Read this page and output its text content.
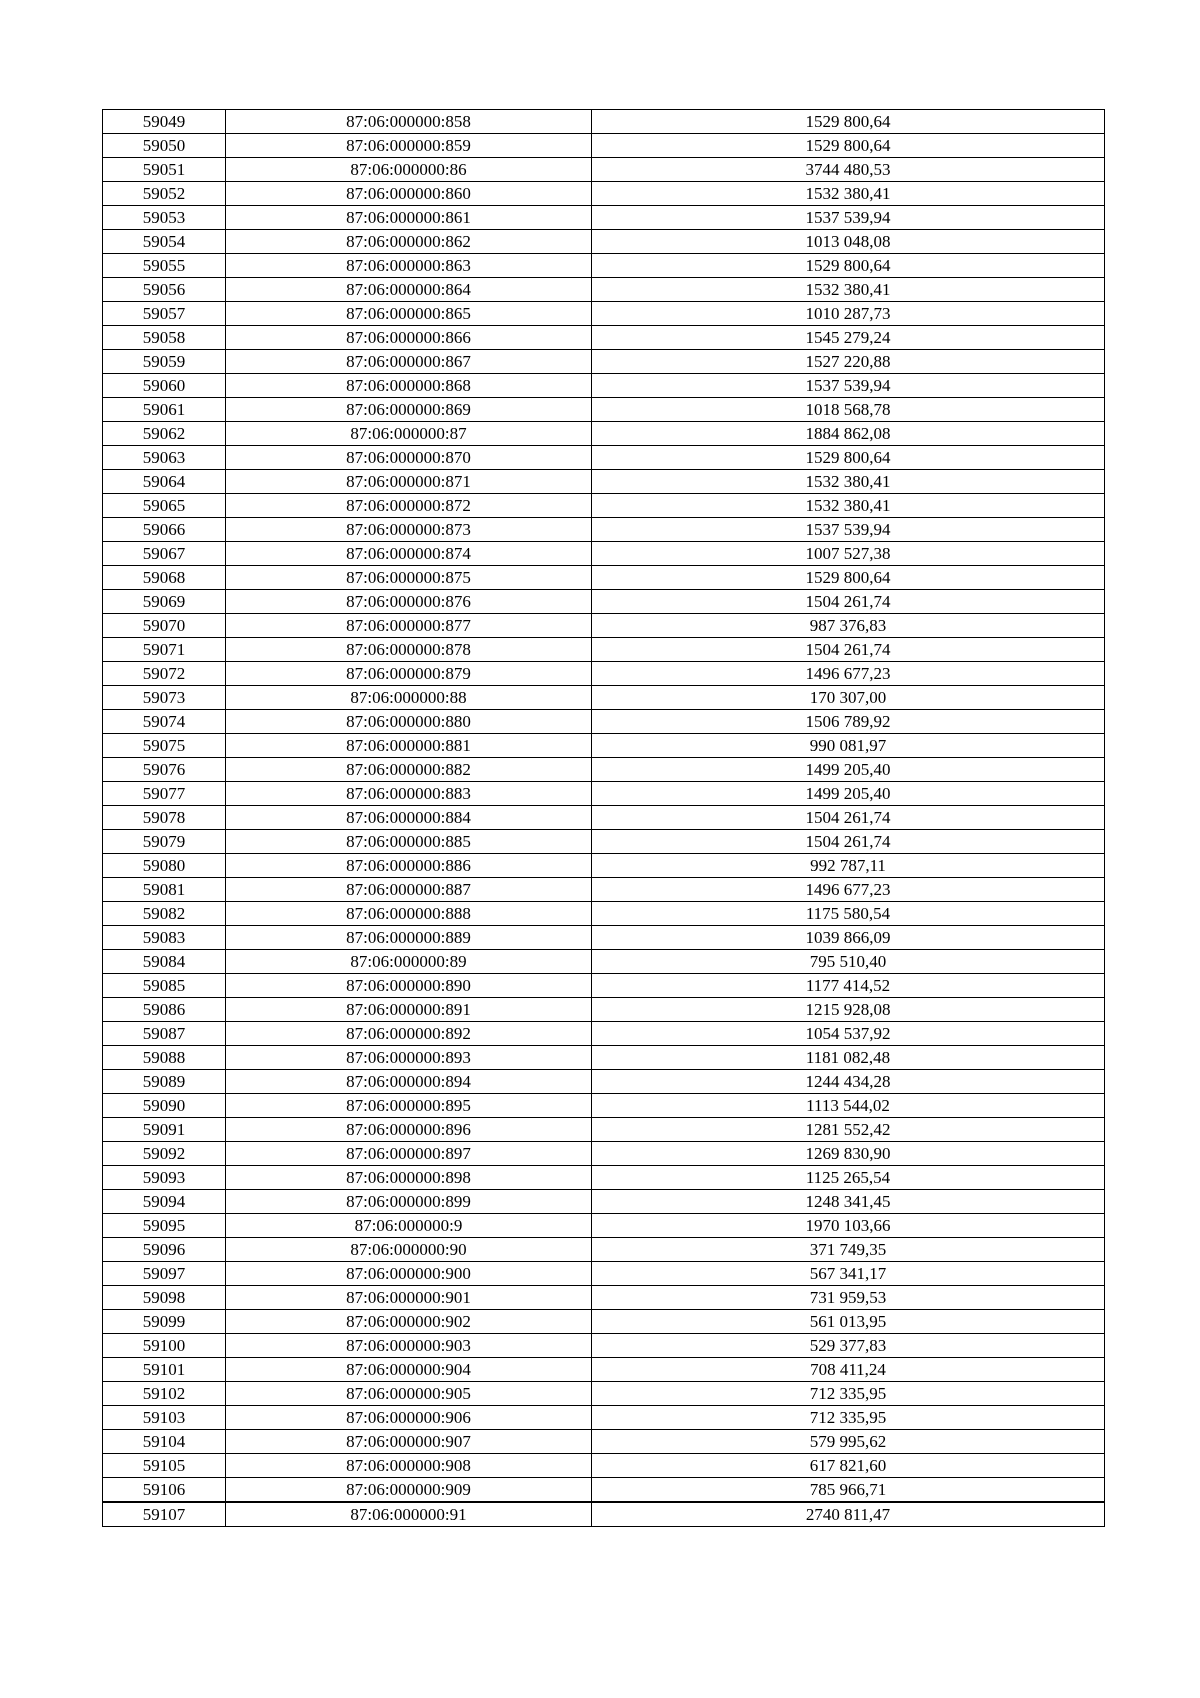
59049	87:06:000000:858	1529 800,64
59050	87:06:000000:859	1529 800,64
59051	87:06:000000:86	3744 480,53
59052	87:06:000000:860	1532 380,41
59053	87:06:000000:861	1537 539,94
59054	87:06:000000:862	1013 048,08
59055	87:06:000000:863	1529 800,64
59056	87:06:000000:864	1532 380,41
59057	87:06:000000:865	1010 287,73
59058	87:06:000000:866	1545 279,24
59059	87:06:000000:867	1527 220,88
59060	87:06:000000:868	1537 539,94
59061	87:06:000000:869	1018 568,78
59062	87:06:000000:87	1884 862,08
59063	87:06:000000:870	1529 800,64
59064	87:06:000000:871	1532 380,41
59065	87:06:000000:872	1532 380,41
59066	87:06:000000:873	1537 539,94
59067	87:06:000000:874	1007 527,38
59068	87:06:000000:875	1529 800,64
59069	87:06:000000:876	1504 261,74
59070	87:06:000000:877	987 376,83
59071	87:06:000000:878	1504 261,74
59072	87:06:000000:879	1496 677,23
59073	87:06:000000:88	170 307,00
59074	87:06:000000:880	1506 789,92
59075	87:06:000000:881	990 081,97
59076	87:06:000000:882	1499 205,40
59077	87:06:000000:883	1499 205,40
59078	87:06:000000:884	1504 261,74
59079	87:06:000000:885	1504 261,74
59080	87:06:000000:886	992 787,11
59081	87:06:000000:887	1496 677,23
59082	87:06:000000:888	1175 580,54
59083	87:06:000000:889	1039 866,09
59084	87:06:000000:89	795 510,40
59085	87:06:000000:890	1177 414,52
59086	87:06:000000:891	1215 928,08
59087	87:06:000000:892	1054 537,92
59088	87:06:000000:893	1181 082,48
59089	87:06:000000:894	1244 434,28
59090	87:06:000000:895	1113 544,02
59091	87:06:000000:896	1281 552,42
59092	87:06:000000:897	1269 830,90
59093	87:06:000000:898	1125 265,54
59094	87:06:000000:899	1248 341,45
59095	87:06:000000:9	1970 103,66
59096	87:06:000000:90	371 749,35
59097	87:06:000000:900	567 341,17
59098	87:06:000000:901	731 959,53
59099	87:06:000000:902	561 013,95
59100	87:06:000000:903	529 377,83
59101	87:06:000000:904	708 411,24
59102	87:06:000000:905	712 335,95
59103	87:06:000000:906	712 335,95
59104	87:06:000000:907	579 995,62
59105	87:06:000000:908	617 821,60
59106	87:06:000000:909	785 966,71
59107	87:06:000000:91	2740 811,47
